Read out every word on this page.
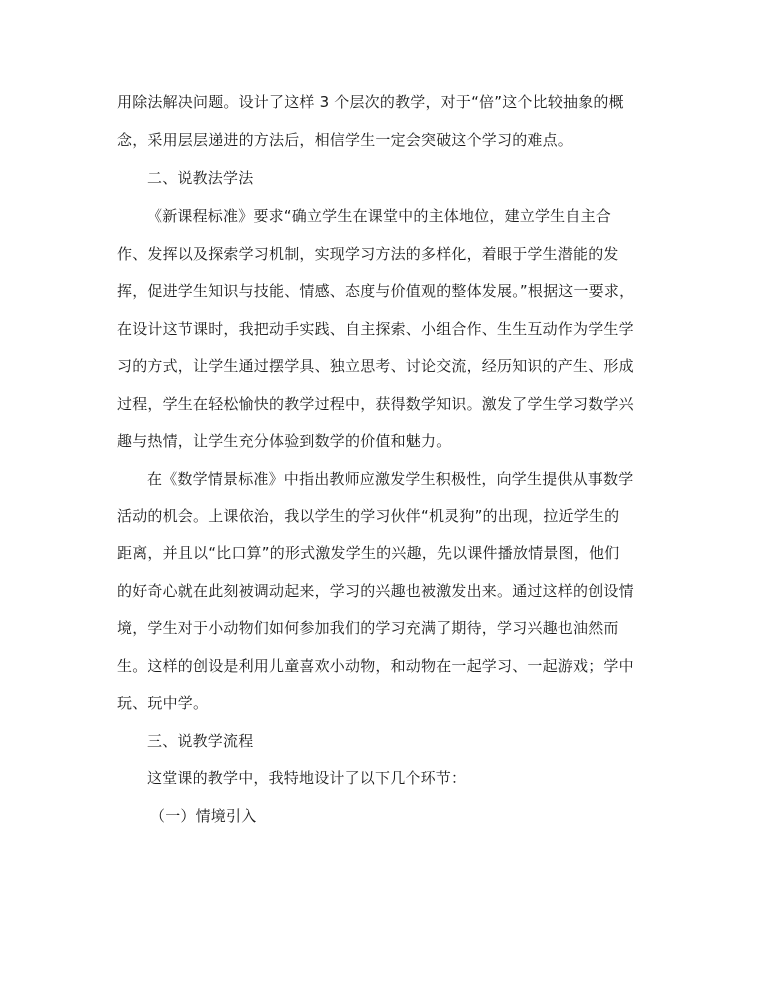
用除法解决问题。设计了这样 3 个层次的教学，对于“倍”这个比较抽象的概
念，采用层层递进的方法后，相信学生一定会突破这个学习的难点。
二、说教法学法
《新课程标准》要求“确立学生在课堂中的主体地位，建立学生自主合
作、发挥以及探索学习机制，实现学习方法的多样化，着眼于学生潜能的发
挥，促进学生知识与技能、情感、态度与价值观的整体发展。”根据这一要求，
在设计这节课时，我把动手实践、自主探索、小组合作、生生互动作为学生学
习的方式，让学生通过摆学具、独立思考、讨论交流，经历知识的产生、形成
过程，学生在轻松愉快的教学过程中，获得数学知识。激发了学生学习数学兴
趣与热情，让学生充分体验到数学的价值和魅力。
在《数学情景标准》中指出教师应激发学生积极性，向学生提供从事数学
活动的机会。上课依治，我以学生的学习伙伴“机灵狗”的出现，拉近学生的
距离，并且以“比口算”的形式激发学生的兴趣，先以课件播放情景图，他们
的好奇心就在此刻被调动起来，学习的兴趣也被激发出来。通过这样的创设情
境，学生对于小动物们如何参加我们的学习充满了期待，学习兴趣也油然而
生。这样的创设是利用儿童喜欢小动物，和动物在一起学习、一起游戏；学中
玩、玩中学。
三、说教学流程
这堂课的教学中，我特地设计了以下几个环节：
（一）情境引入
